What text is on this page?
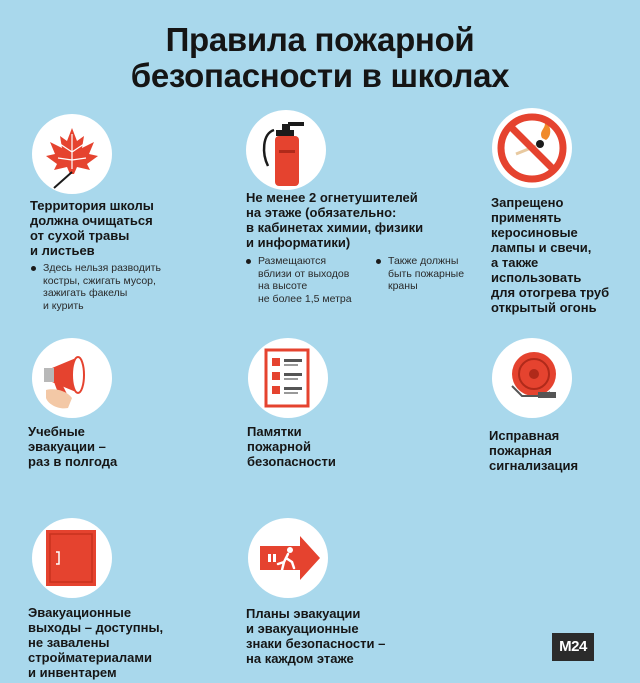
Правила пожарной
безопасности в школах
Территория школы
должна очищаться
от сухой травы
и листьев
Здесь нельзя разводить
костры, сжигать мусор,
зажигать факелы
и курить
Не менее 2 огнетушителей
на этаже (обязательно:
в кабинетах химии, физики
и информатики)
Размещаются
вблизи от выходов
на высоте
не более 1,5 метра
Также должны
быть пожарные
краны
Запрещено
применять
керосиновые
лампы и свечи,
а также
использовать
для отогрева труб
открытый огонь
Учебные
эвакуации –
раз в полгода
Памятки
пожарной
безопасности
Исправная
пожарная
сигнализация
Эвакуационные
выходы – доступны,
не завалены
стройматериалами
и инвентарем
Планы эвакуации
и эвакуационные
знаки безопасности –
на каждом этаже
M24
